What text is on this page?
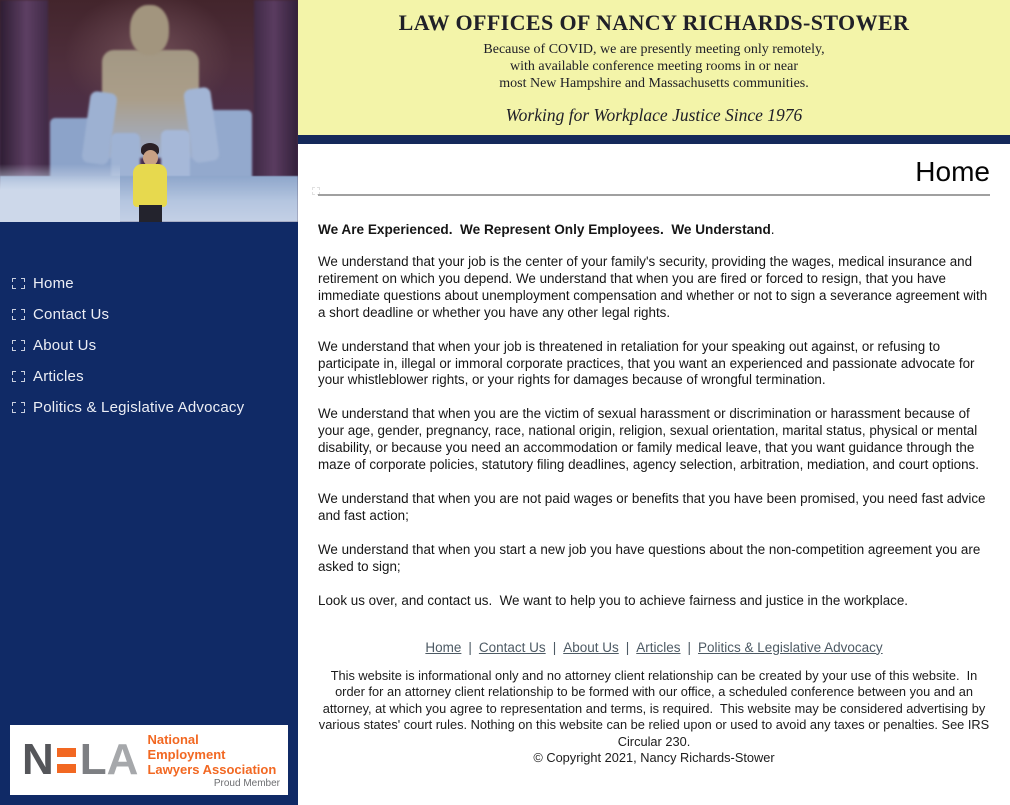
Home
Contact Us
About Us
Articles
Politics & Legislative Advocacy
N L A National Employment
Lawyers Association
Proud Member
LAW OFFICES OF NANCY RICHARDS-STOWER
Because of COVID, we are presently meeting only remotely,
with available conference meeting rooms in or near
most New Hampshire and Massachusetts communities.
Working for Workplace Justice Since 1976
Home

We Are Experienced.  We Represent Only Employees.  We Understand.

We understand that your job is the center of your family's security, providing the wages, medical insurance and retirement on which you depend. We understand that when you are fired or forced to resign, that you have immediate questions about unemployment compensation and whether or not to sign a severance agreement with a short deadline or whether you have any other legal rights.

We understand that when your job is threatened in retaliation for your speaking out against, or refusing to participate in, illegal or immoral corporate practices, that you want an experienced and passionate advocate for your whistleblower rights, or your rights for damages because of wrongful termination.

We understand that when you are the victim of sexual harassment or discrimination or harassment because of your age, gender, pregnancy, race, national origin, religion, sexual orientation, marital status, physical or mental disability, or because you need an accommodation or family medical leave, that you want guidance through the maze of corporate policies, statutory filing deadlines, agency selection, arbitration, mediation, and court options.

We understand that when you are not paid wages or benefits that you have been promised, you need fast advice and fast action;

We understand that when you start a new job you have questions about the non-competition agreement you are asked to sign;

Look us over, and contact us.  We want to help you to achieve fairness and justice in the workplace.

Home | Contact Us | About Us | Articles | Politics & Legislative Advocacy
This website is informational only and no attorney client relationship can be created by your use of this website.  In order for an attorney client relationship to be formed with our office, a scheduled conference between you and an attorney, at which you agree to representation and terms, is required.  This website may be considered advertising by various states' court rules. Nothing on this website can be relied upon or used to avoid any taxes or penalties. See IRS Circular 230.
© Copyright 2021, Nancy Richards-Stower
